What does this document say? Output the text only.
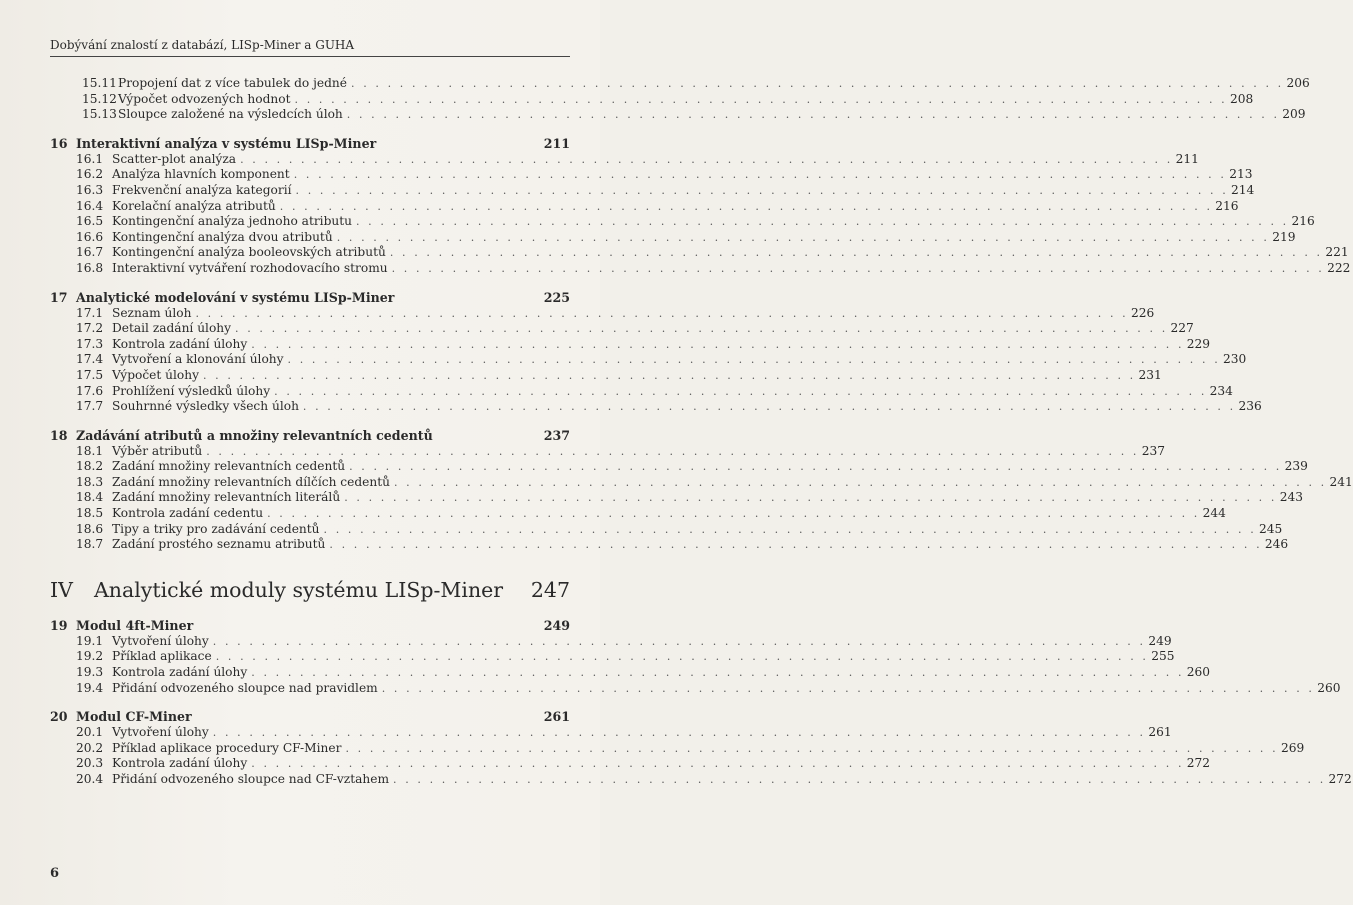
Dobývání znalostí z databází, LISp-Miner a GUHA
15.11 Propojení dat z více tabulek do jedné . . . . . . . . . . . . . . . . . . . . . . . . . . . . . . . . . . . . . . . . . . . . . . . . . . . . . . . . . . . . . . . . . . . . . . . . . . . . . 206
15.12 Výpočet odvozených hodnot . . . . . . . . . . . . . . . . . . . . . . . . . . . . . . . . . . . . . . . . . . . . . . . . . . . . . . . . . . . . . . . . . . . . . . . . . . . . . 208
15.13 Sloupce založené na výsledcích úloh . . . . . . . . . . . . . . . . . . . . . . . . . . . . . . . . . . . . . . . . . . . . . . . . . . . . . . . . . . . . . . . . . . . . . . . . . . . . . 209
16 Interaktivní analýza v systému LISp-Miner	211
16.1 Scatter-plot analýza . . . . . . . . . . . . . . . . . . . . . . . . . . . . . . . . . . . . . . . . . . . . . . . . . . . . . . . . . . . . . . . . . . . . . . . . . . . . . 211
16.2 Analýza hlavních komponent . . . . . . . . . . . . . . . . . . . . . . . . . . . . . . . . . . . . . . . . . . . . . . . . . . . . . . . . . . . . . . . . . . . . . . . . . . . . . 213
16.3 Frekvenční analýza kategorií . . . . . . . . . . . . . . . . . . . . . . . . . . . . . . . . . . . . . . . . . . . . . . . . . . . . . . . . . . . . . . . . . . . . . . . . . . . . . 214
16.4 Korelační analýza atributů . . . . . . . . . . . . . . . . . . . . . . . . . . . . . . . . . . . . . . . . . . . . . . . . . . . . . . . . . . . . . . . . . . . . . . . . . . . . . 216
16.5 Kontingenční analýza jednoho atributu . . . . . . . . . . . . . . . . . . . . . . . . . . . . . . . . . . . . . . . . . . . . . . . . . . . . . . . . . . . . . . . . . . . . . . . . . . . . . 216
16.6 Kontingenční analýza dvou atributů . . . . . . . . . . . . . . . . . . . . . . . . . . . . . . . . . . . . . . . . . . . . . . . . . . . . . . . . . . . . . . . . . . . . . . . . . . . . . 219
16.7 Kontingenční analýza booleovských atributů . . . . . . . . . . . . . . . . . . . . . . . . . . . . . . . . . . . . . . . . . . . . . . . . . . . . . . . . . . . . . . . . . . . . . . . . . . . . . 221
16.8 Interaktivní vytváření rozhodovacího stromu . . . . . . . . . . . . . . . . . . . . . . . . . . . . . . . . . . . . . . . . . . . . . . . . . . . . . . . . . . . . . . . . . . . . . . . . . . . . . 222
17 Analytické modelování v systému LISp-Miner	225
17.1 Seznam úloh . . . . . . . . . . . . . . . . . . . . . . . . . . . . . . . . . . . . . . . . . . . . . . . . . . . . . . . . . . . . . . . . . . . . . . . . . . . . . 226
17.2 Detail zadání úlohy . . . . . . . . . . . . . . . . . . . . . . . . . . . . . . . . . . . . . . . . . . . . . . . . . . . . . . . . . . . . . . . . . . . . . . . . . . . . . 227
17.3 Kontrola zadání úlohy . . . . . . . . . . . . . . . . . . . . . . . . . . . . . . . . . . . . . . . . . . . . . . . . . . . . . . . . . . . . . . . . . . . . . . . . . . . . . 229
17.4 Vytvoření a klonování úlohy . . . . . . . . . . . . . . . . . . . . . . . . . . . . . . . . . . . . . . . . . . . . . . . . . . . . . . . . . . . . . . . . . . . . . . . . . . . . . 230
17.5 Výpočet úlohy . . . . . . . . . . . . . . . . . . . . . . . . . . . . . . . . . . . . . . . . . . . . . . . . . . . . . . . . . . . . . . . . . . . . . . . . . . . . . 231
17.6 Prohlížení výsledků úlohy . . . . . . . . . . . . . . . . . . . . . . . . . . . . . . . . . . . . . . . . . . . . . . . . . . . . . . . . . . . . . . . . . . . . . . . . . . . . . 234
17.7 Souhrnné výsledky všech úloh . . . . . . . . . . . . . . . . . . . . . . . . . . . . . . . . . . . . . . . . . . . . . . . . . . . . . . . . . . . . . . . . . . . . . . . . . . . . . 236
18 Zadávání atributů a množiny relevantních cedentů	237
18.1 Výběr atributů . . . . . . . . . . . . . . . . . . . . . . . . . . . . . . . . . . . . . . . . . . . . . . . . . . . . . . . . . . . . . . . . . . . . . . . . . . . . . 237
18.2 Zadání množiny relevantních cedentů . . . . . . . . . . . . . . . . . . . . . . . . . . . . . . . . . . . . . . . . . . . . . . . . . . . . . . . . . . . . . . . . . . . . . . . . . . . . . 239
18.3 Zadání množiny relevantních dílčích cedentů . . . . . . . . . . . . . . . . . . . . . . . . . . . . . . . . . . . . . . . . . . . . . . . . . . . . . . . . . . . . . . . . . . . . . . . . . . . . . 241
18.4 Zadání množiny relevantních literálů . . . . . . . . . . . . . . . . . . . . . . . . . . . . . . . . . . . . . . . . . . . . . . . . . . . . . . . . . . . . . . . . . . . . . . . . . . . . . 243
18.5 Kontrola zadání cedentu . . . . . . . . . . . . . . . . . . . . . . . . . . . . . . . . . . . . . . . . . . . . . . . . . . . . . . . . . . . . . . . . . . . . . . . . . . . . . 244
18.6 Tipy a triky pro zadávání cedentů . . . . . . . . . . . . . . . . . . . . . . . . . . . . . . . . . . . . . . . . . . . . . . . . . . . . . . . . . . . . . . . . . . . . . . . . . . . . . 245
18.7 Zadání prostého seznamu atributů . . . . . . . . . . . . . . . . . . . . . . . . . . . . . . . . . . . . . . . . . . . . . . . . . . . . . . . . . . . . . . . . . . . . . . . . . . . . . 246
IV	Analytické moduly systému LISp-Miner	247
19 Modul 4ft-Miner	249
19.1 Vytvoření úlohy . . . . . . . . . . . . . . . . . . . . . . . . . . . . . . . . . . . . . . . . . . . . . . . . . . . . . . . . . . . . . . . . . . . . . . . . . . . . . 249
19.2 Příklad aplikace . . . . . . . . . . . . . . . . . . . . . . . . . . . . . . . . . . . . . . . . . . . . . . . . . . . . . . . . . . . . . . . . . . . . . . . . . . . . . 255
19.3 Kontrola zadání úlohy . . . . . . . . . . . . . . . . . . . . . . . . . . . . . . . . . . . . . . . . . . . . . . . . . . . . . . . . . . . . . . . . . . . . . . . . . . . . . 260
19.4 Přidání odvozeného sloupce nad pravidlem . . . . . . . . . . . . . . . . . . . . . . . . . . . . . . . . . . . . . . . . . . . . . . . . . . . . . . . . . . . . . . . . . . . . . . . . . . . . . 260
20 Modul CF-Miner	261
20.1 Vytvoření úlohy . . . . . . . . . . . . . . . . . . . . . . . . . . . . . . . . . . . . . . . . . . . . . . . . . . . . . . . . . . . . . . . . . . . . . . . . . . . . . 261
20.2 Příklad aplikace procedury CF-Miner . . . . . . . . . . . . . . . . . . . . . . . . . . . . . . . . . . . . . . . . . . . . . . . . . . . . . . . . . . . . . . . . . . . . . . . . . . . . . 269
20.3 Kontrola zadání úlohy . . . . . . . . . . . . . . . . . . . . . . . . . . . . . . . . . . . . . . . . . . . . . . . . . . . . . . . . . . . . . . . . . . . . . . . . . . . . . 272
20.4 Přidání odvozeného sloupce nad CF-vztahem . . . . . . . . . . . . . . . . . . . . . . . . . . . . . . . . . . . . . . . . . . . . . . . . . . . . . . . . . . . . . . . . . . . . . . . . . . . . . 272
6
